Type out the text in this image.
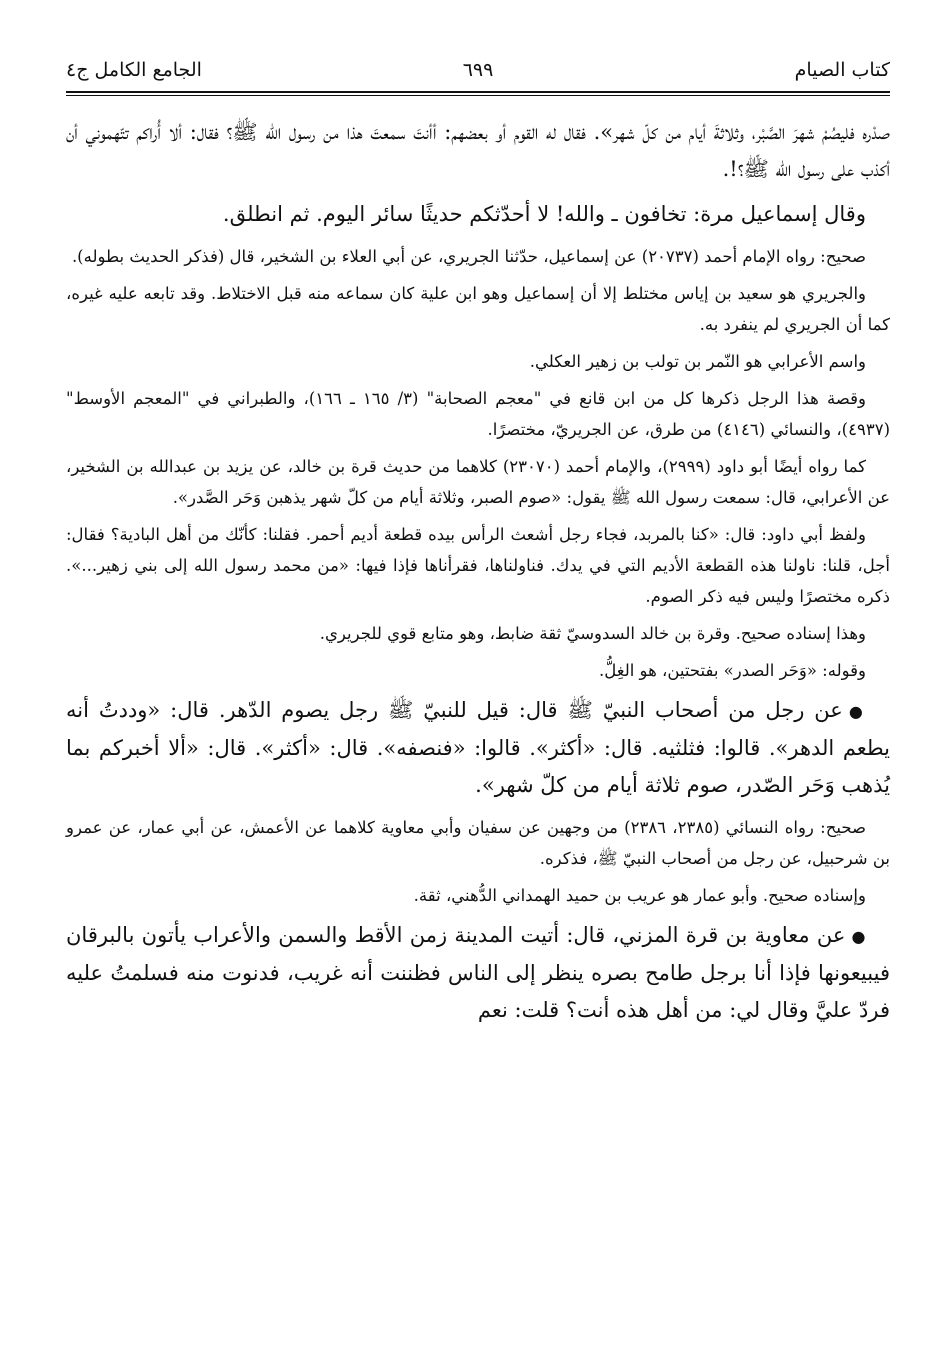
كتاب الصيام
٦٩٩
الجامع الكامل ج٤

صدْره فليصُمْ شهرَ الصَّبْر، وثلاثةَ أيام من كلّ شهر». فقال له القوم أو بعضهم: أأنتَ سمعتَ هذا من رسول الله ﷺ؟ فقال: ألا أُراكم تتّهموني أن أكذب على رسول الله ﷺ؟!.

وقال إسماعيل مرة: تخافون ـ والله! لا أحدّثكم حديثًا سائر اليوم. ثم انطلق.

صحيح: رواه الإمام أحمد (٢٠٧٣٧) عن إسماعيل، حدّثنا الجريري، عن أبي العلاء بن الشخير، قال (فذكر الحديث بطوله).

والجريري هو سعيد بن إياس مختلط إلا أن إسماعيل وهو ابن علية كان سماعه منه قبل الاختلاط. وقد تابعه عليه غيره، كما أن الجريري لم ينفرد به.

واسم الأعرابي هو النّمر بن تولب بن زهير العكلي.

وقصة هذا الرجل ذكرها كل من ابن قانع في "معجم الصحابة" (٣/ ١٦٥ ـ ١٦٦)، والطبراني في "المعجم الأوسط" (٤٩٣٧)، والنسائي (٤١٤٦) من طرق، عن الجريريّ، مختصرًا.

كما رواه أيضًا أبو داود (٢٩٩٩)، والإمام أحمد (٢٣٠٧٠) كلاهما من حديث قرة بن خالد، عن يزيد بن عبدالله بن الشخير، عن الأعرابي، قال: سمعت رسول الله ﷺ يقول: «صوم الصبر، وثلاثة أيام من كلّ شهر يذهبن وَحَر الصَّدر».

ولفظ أبي داود: قال: «كنا بالمربد، فجاء رجل أشعث الرأس بيده قطعة أديم أحمر. فقلنا: كأنّك من أهل البادية؟ فقال: أجل، قلنا: ناولنا هذه القطعة الأديم التي في يدك. فناولناها، فقرأناها فإذا فيها: «من محمد رسول الله إلى بني زهير...». ذكره مختصرًا وليس فيه ذكر الصوم.

وهذا إسناده صحيح. وقرة بن خالد السدوسيّ ثقة ضابط، وهو متابع قوي للجريري.

وقوله: «وَحَر الصدر» بفتحتين، هو الغِلُّ.

●عن رجل من أصحاب النبيّ ﷺ قال: قيل للنبيّ ﷺ رجل يصوم الدّهر. قال: «وددتُ أنه يطعم الدهر». قالوا: فثلثيه. قال: «أكثر». قالوا: «فنصفه». قال: «أكثر». قال: «ألا أخبركم بما يُذهب وَحَر الصّدر، صوم ثلاثة أيام من كلّ شهر».

صحيح: رواه النسائي (٢٣٨٥، ٢٣٨٦) من وجهين عن سفيان وأبي معاوية كلاهما عن الأعمش، عن أبي عمار، عن عمرو بن شرحبيل، عن رجل من أصحاب النبيّ ﷺ، فذكره.

وإسناده صحيح. وأبو عمار هو عريب بن حميد الهمداني الدُّهني، ثقة.

●عن معاوية بن قرة المزني، قال: أتيت المدينة زمن الأقط والسمن والأعراب يأتون بالبرقان فيبيعونها فإذا أنا برجل طامح بصره ينظر إلى الناس فظننت أنه غريب، فدنوت منه فسلمتُ عليه فردّ عليَّ وقال لي: من أهل هذه أنت؟ قلت: نعم
